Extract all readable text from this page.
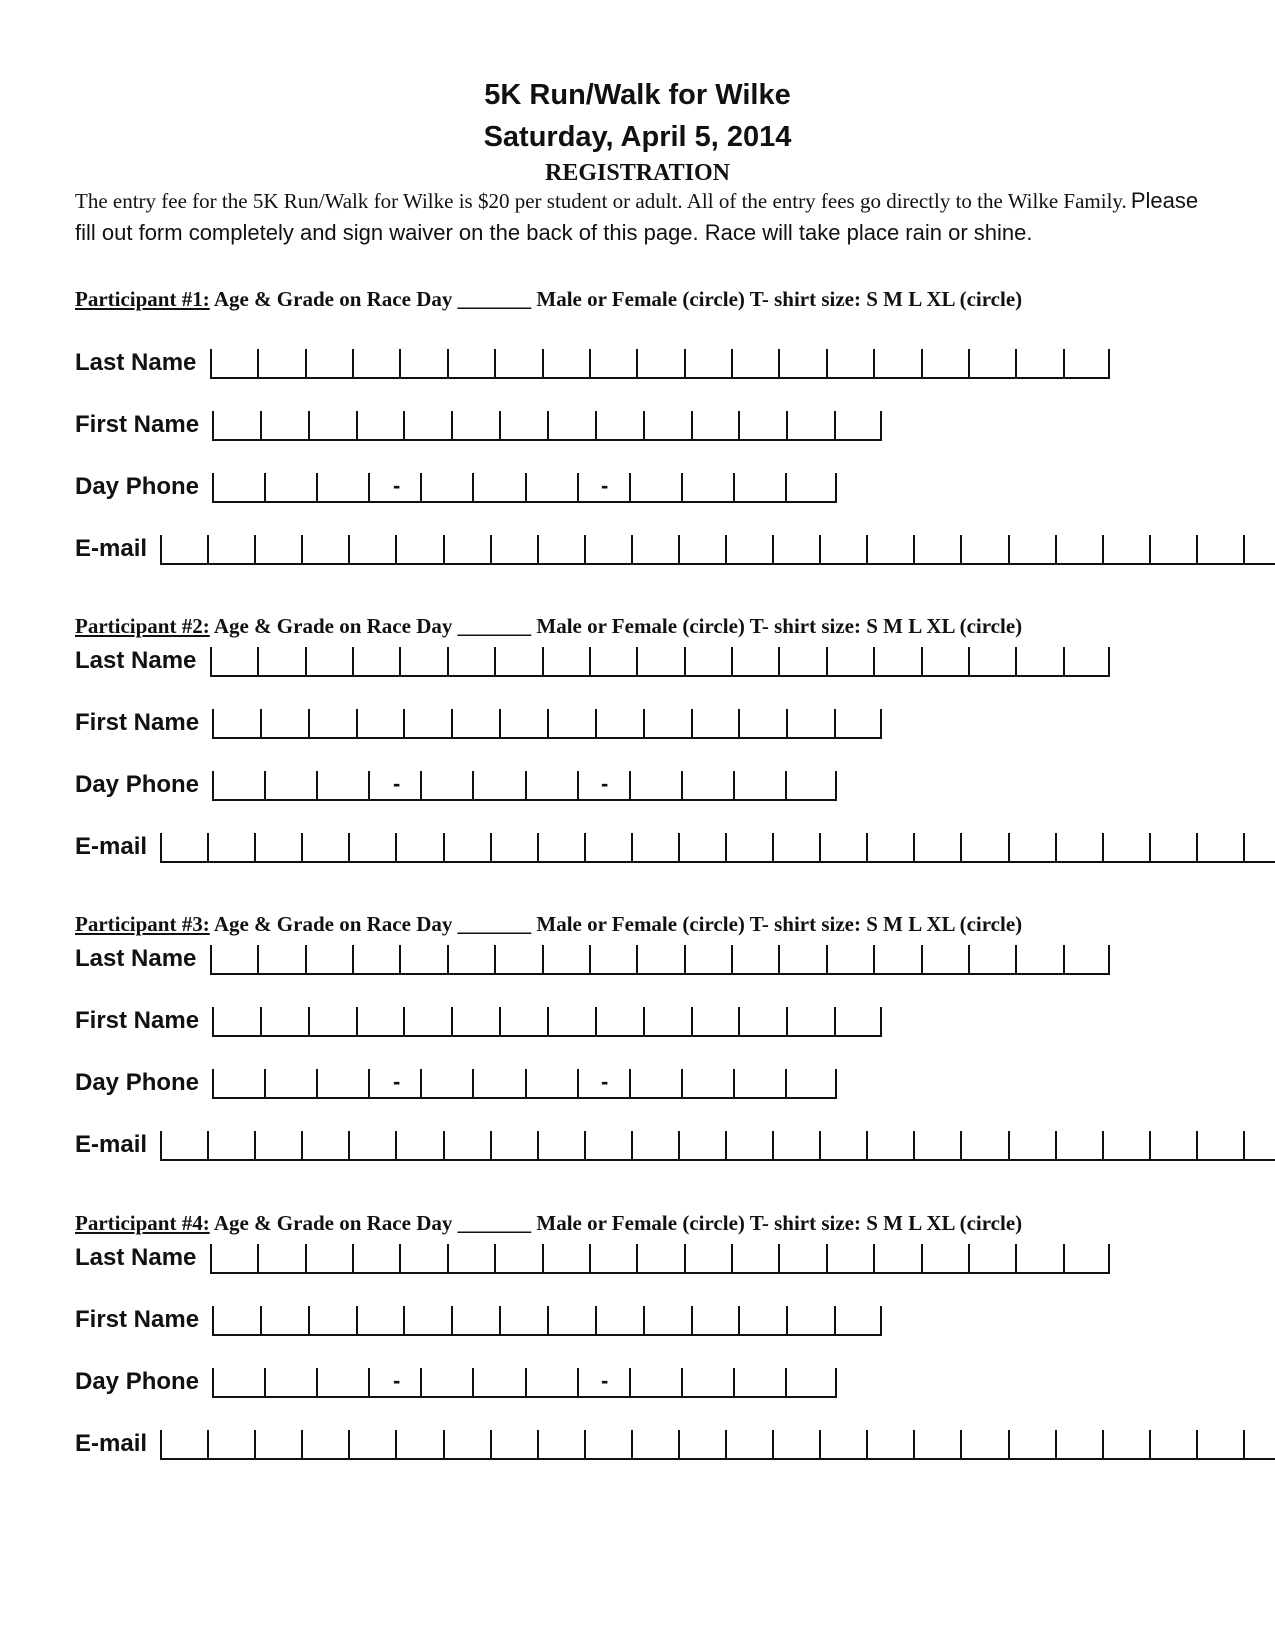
5K Run/Walk for Wilke
Saturday, April 5, 2014
REGISTRATION

The entry fee for the 5K Run/Walk for Wilke is $20 per student or adult. All of the entry fees go directly to the Wilke Family. Please fill out form completely and sign waiver on the back of this page. Race will take place rain or shine.

Participant #1: Age & Grade on Race Day _______ Male or Female (circle) T- shirt size: S M L XL (circle)
Last Name
First Name
Day Phone	-	-
E-mail
Participant #2: Age & Grade on Race Day _______ Male or Female (circle) T- shirt size: S M L XL (circle)
Last Name
First Name
Day Phone	-	-
E-mail
Participant #3: Age & Grade on Race Day _______ Male or Female (circle) T- shirt size: S M L XL (circle)
Last Name
First Name
Day Phone	-	-
E-mail
Participant #4: Age & Grade on Race Day _______ Male or Female (circle) T- shirt size: S M L XL (circle)
Last Name
First Name
Day Phone	-	-
E-mail
